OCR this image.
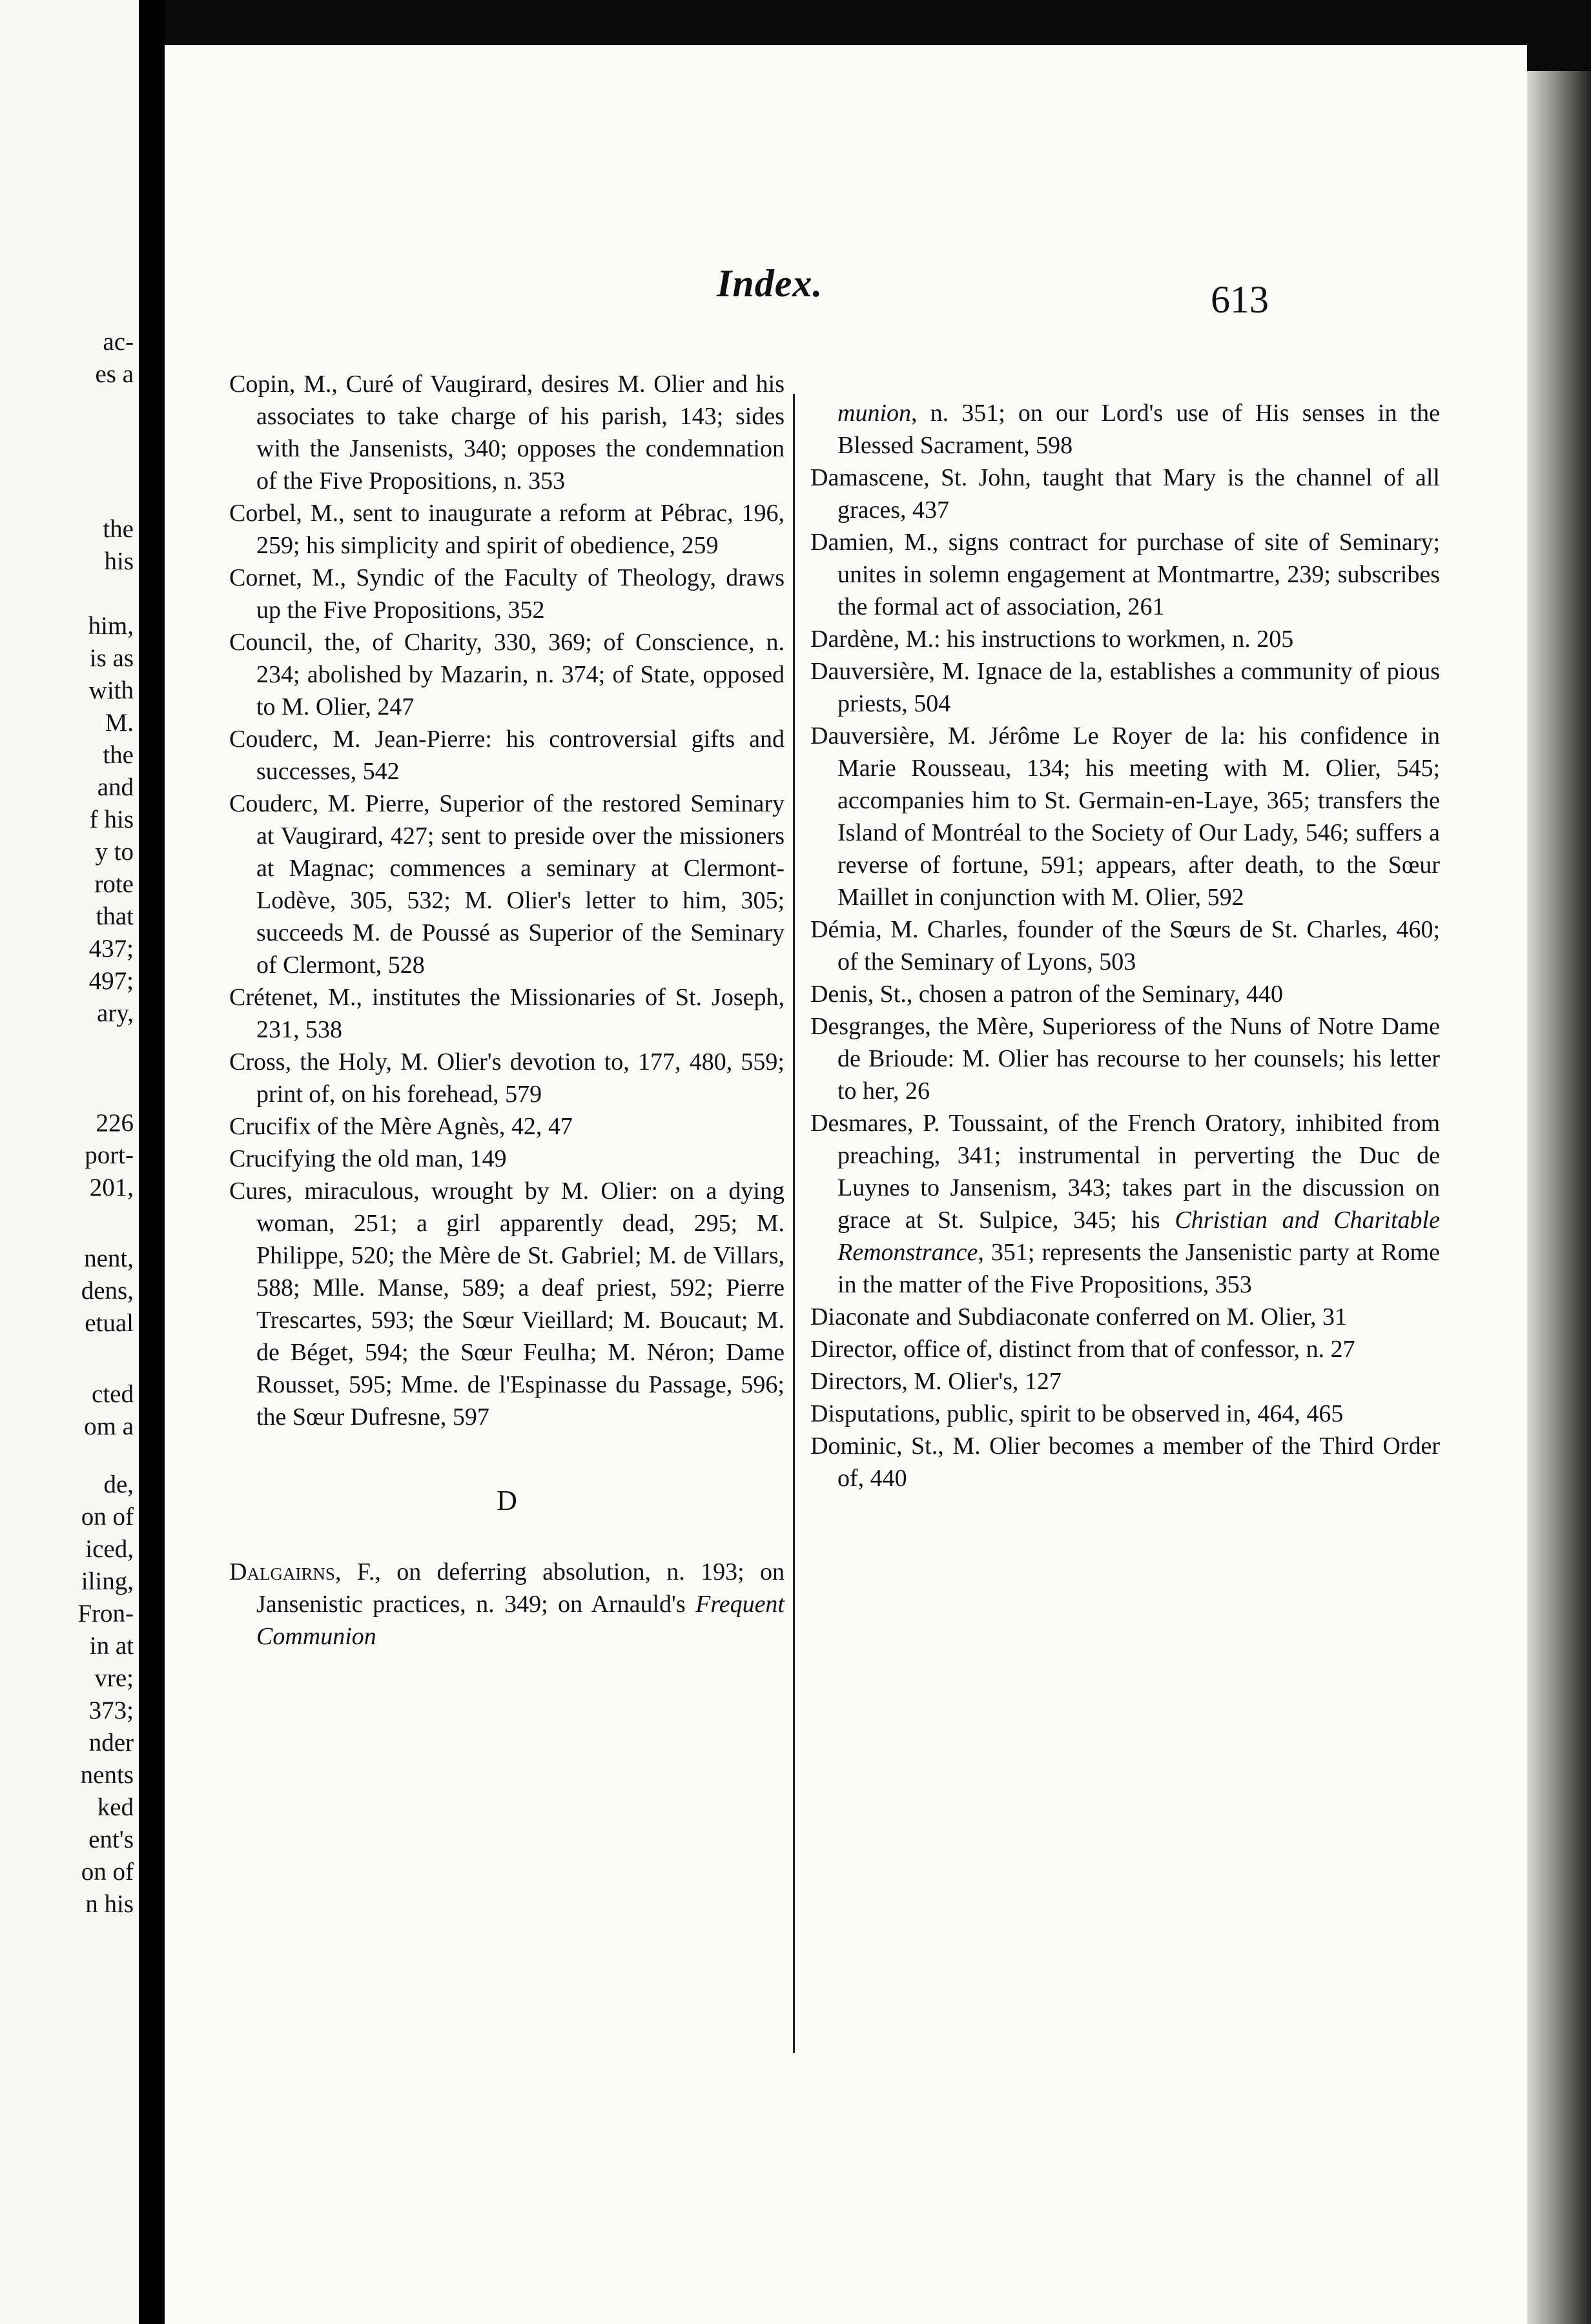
ac-
es a
the
his
him,
is as
with
M.
the
and
f his
y to
rote
that
437;
497;
ary,
226
port-
201,
nent,
dens,
etual
cted
om a
de,
on of
iced,
iling,
Fron-
in at
vre;
373;
nder
nents
ked
ent's
on of
n his
Index.	613

Copin, M., Curé of Vaugirard, desires M. Olier and his associates to take charge of his parish, 143; sides with the Jansenists, 340; opposes the condemnation of the Five Propositions, n. 353

Corbel, M., sent to inaugurate a reform at Pébrac, 196, 259; his simplicity and spirit of obedience, 259

Cornet, M., Syndic of the Faculty of Theology, draws up the Five Propositions, 352

Council, the, of Charity, 330, 369; of Conscience, n. 234; abolished by Mazarin, n. 374; of State, opposed to M. Olier, 247

Couderc, M. Jean-Pierre: his controversial gifts and successes, 542

Couderc, M. Pierre, Superior of the restored Seminary at Vaugirard, 427; sent to preside over the missioners at Magnac; commences a seminary at Clermont-Lodève, 305, 532; M. Olier's letter to him, 305; succeeds M. de Poussé as Superior of the Seminary of Clermont, 528

Crétenet, M., institutes the Missionaries of St. Joseph, 231, 538

Cross, the Holy, M. Olier's devotion to, 177, 480, 559; print of, on his forehead, 579

Crucifix of the Mère Agnès, 42, 47

Crucifying the old man, 149

Cures, miraculous, wrought by M. Olier: on a dying woman, 251; a girl apparently dead, 295; M. Philippe, 520; the Mère de St. Gabriel; M. de Villars, 588; Mlle. Manse, 589; a deaf priest, 592; Pierre Trescartes, 593; the Sœur Vieillard; M. Boucaut; M. de Béget, 594; the Sœur Feulha; M. Néron; Dame Rousset, 595; Mme. de l'Espinasse du Passage, 596; the Sœur Dufresne, 597

D

Dalgairns, F., on deferring absolution, n. 193; on Jansenistic practices, n. 349; on Arnauld's Frequent Communion

munion, n. 351; on our Lord's use of His senses in the Blessed Sacrament, 598

Damascene, St. John, taught that Mary is the channel of all graces, 437

Damien, M., signs contract for purchase of site of Seminary; unites in solemn engagement at Montmartre, 239; subscribes the formal act of association, 261

Dardène, M.: his instructions to workmen, n. 205

Dauversière, M. Ignace de la, establishes a community of pious priests, 504

Dauversière, M. Jérôme Le Royer de la: his confidence in Marie Rousseau, 134; his meeting with M. Olier, 545; accompanies him to St. Germain-en-Laye, 365; transfers the Island of Montréal to the Society of Our Lady, 546; suffers a reverse of fortune, 591; appears, after death, to the Sœur Maillet in conjunction with M. Olier, 592

Démia, M. Charles, founder of the Sœurs de St. Charles, 460; of the Seminary of Lyons, 503

Denis, St., chosen a patron of the Seminary, 440

Desgranges, the Mère, Superioress of the Nuns of Notre Dame de Brioude: M. Olier has recourse to her counsels; his letter to her, 26

Desmares, P. Toussaint, of the French Oratory, inhibited from preaching, 341; instrumental in perverting the Duc de Luynes to Jansenism, 343; takes part in the discussion on grace at St. Sulpice, 345; his Christian and Charitable Remonstrance, 351; represents the Jansenistic party at Rome in the matter of the Five Propositions, 353

Diaconate and Subdiaconate conferred on M. Olier, 31

Director, office of, distinct from that of confessor, n. 27

Directors, M. Olier's, 127

Disputations, public, spirit to be observed in, 464, 465

Dominic, St., M. Olier becomes a member of the Third Order of, 440
